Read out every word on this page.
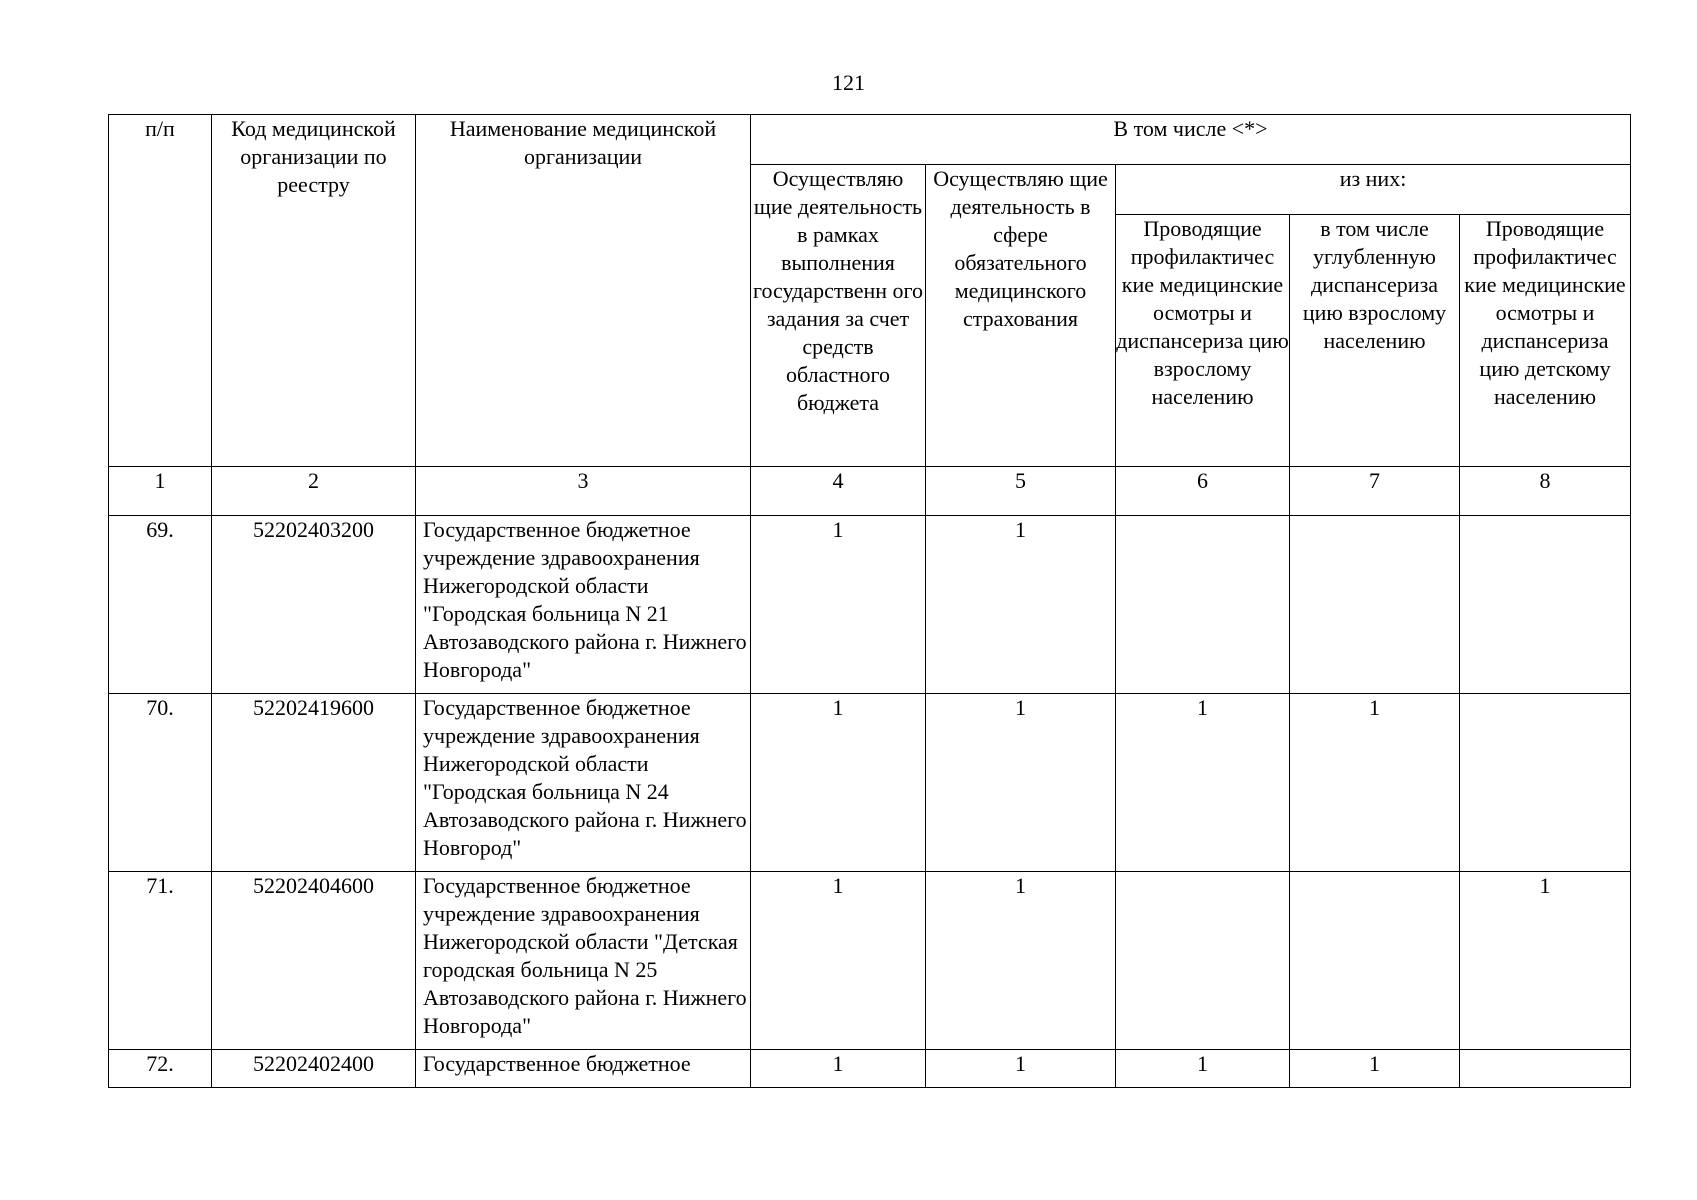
121
п/п	Код медицинской организации по реестру	Наименование медицинской организации	В том числе <*>				
			Осуществляю щие деятельность в рамках выполнения государственн ого задания за счет средств областного бюджета	Осуществляю щие деятельность в сфере обязательного медицинского страхования	из них:		
					Проводящие профилактичес кие медицинские осмотры и диспансериза цию взрослому населению	в том числе углубленную диспансериза цию взрослому населению	Проводящие профилактичес кие медицинские осмотры и диспансериза цию детскому населению
1	2	3	4	5	6	7	8
69.	52202403200	Государственное бюджетное учреждение здравоохранения Нижегородской области "Городская больница N 21 Автозаводского района г. Нижнего Новгорода"	1	1			
70.	52202419600	Государственное бюджетное учреждение здравоохранения Нижегородской области "Городская больница N 24 Автозаводского района г. Нижнего Новгород"	1	1	1	1	
71.	52202404600	Государственное бюджетное учреждение здравоохранения Нижегородской области "Детская городская больница N 25 Автозаводского района г. Нижнего Новгорода"	1	1			1
72.	52202402400	Государственное бюджетное	1	1	1	1	
